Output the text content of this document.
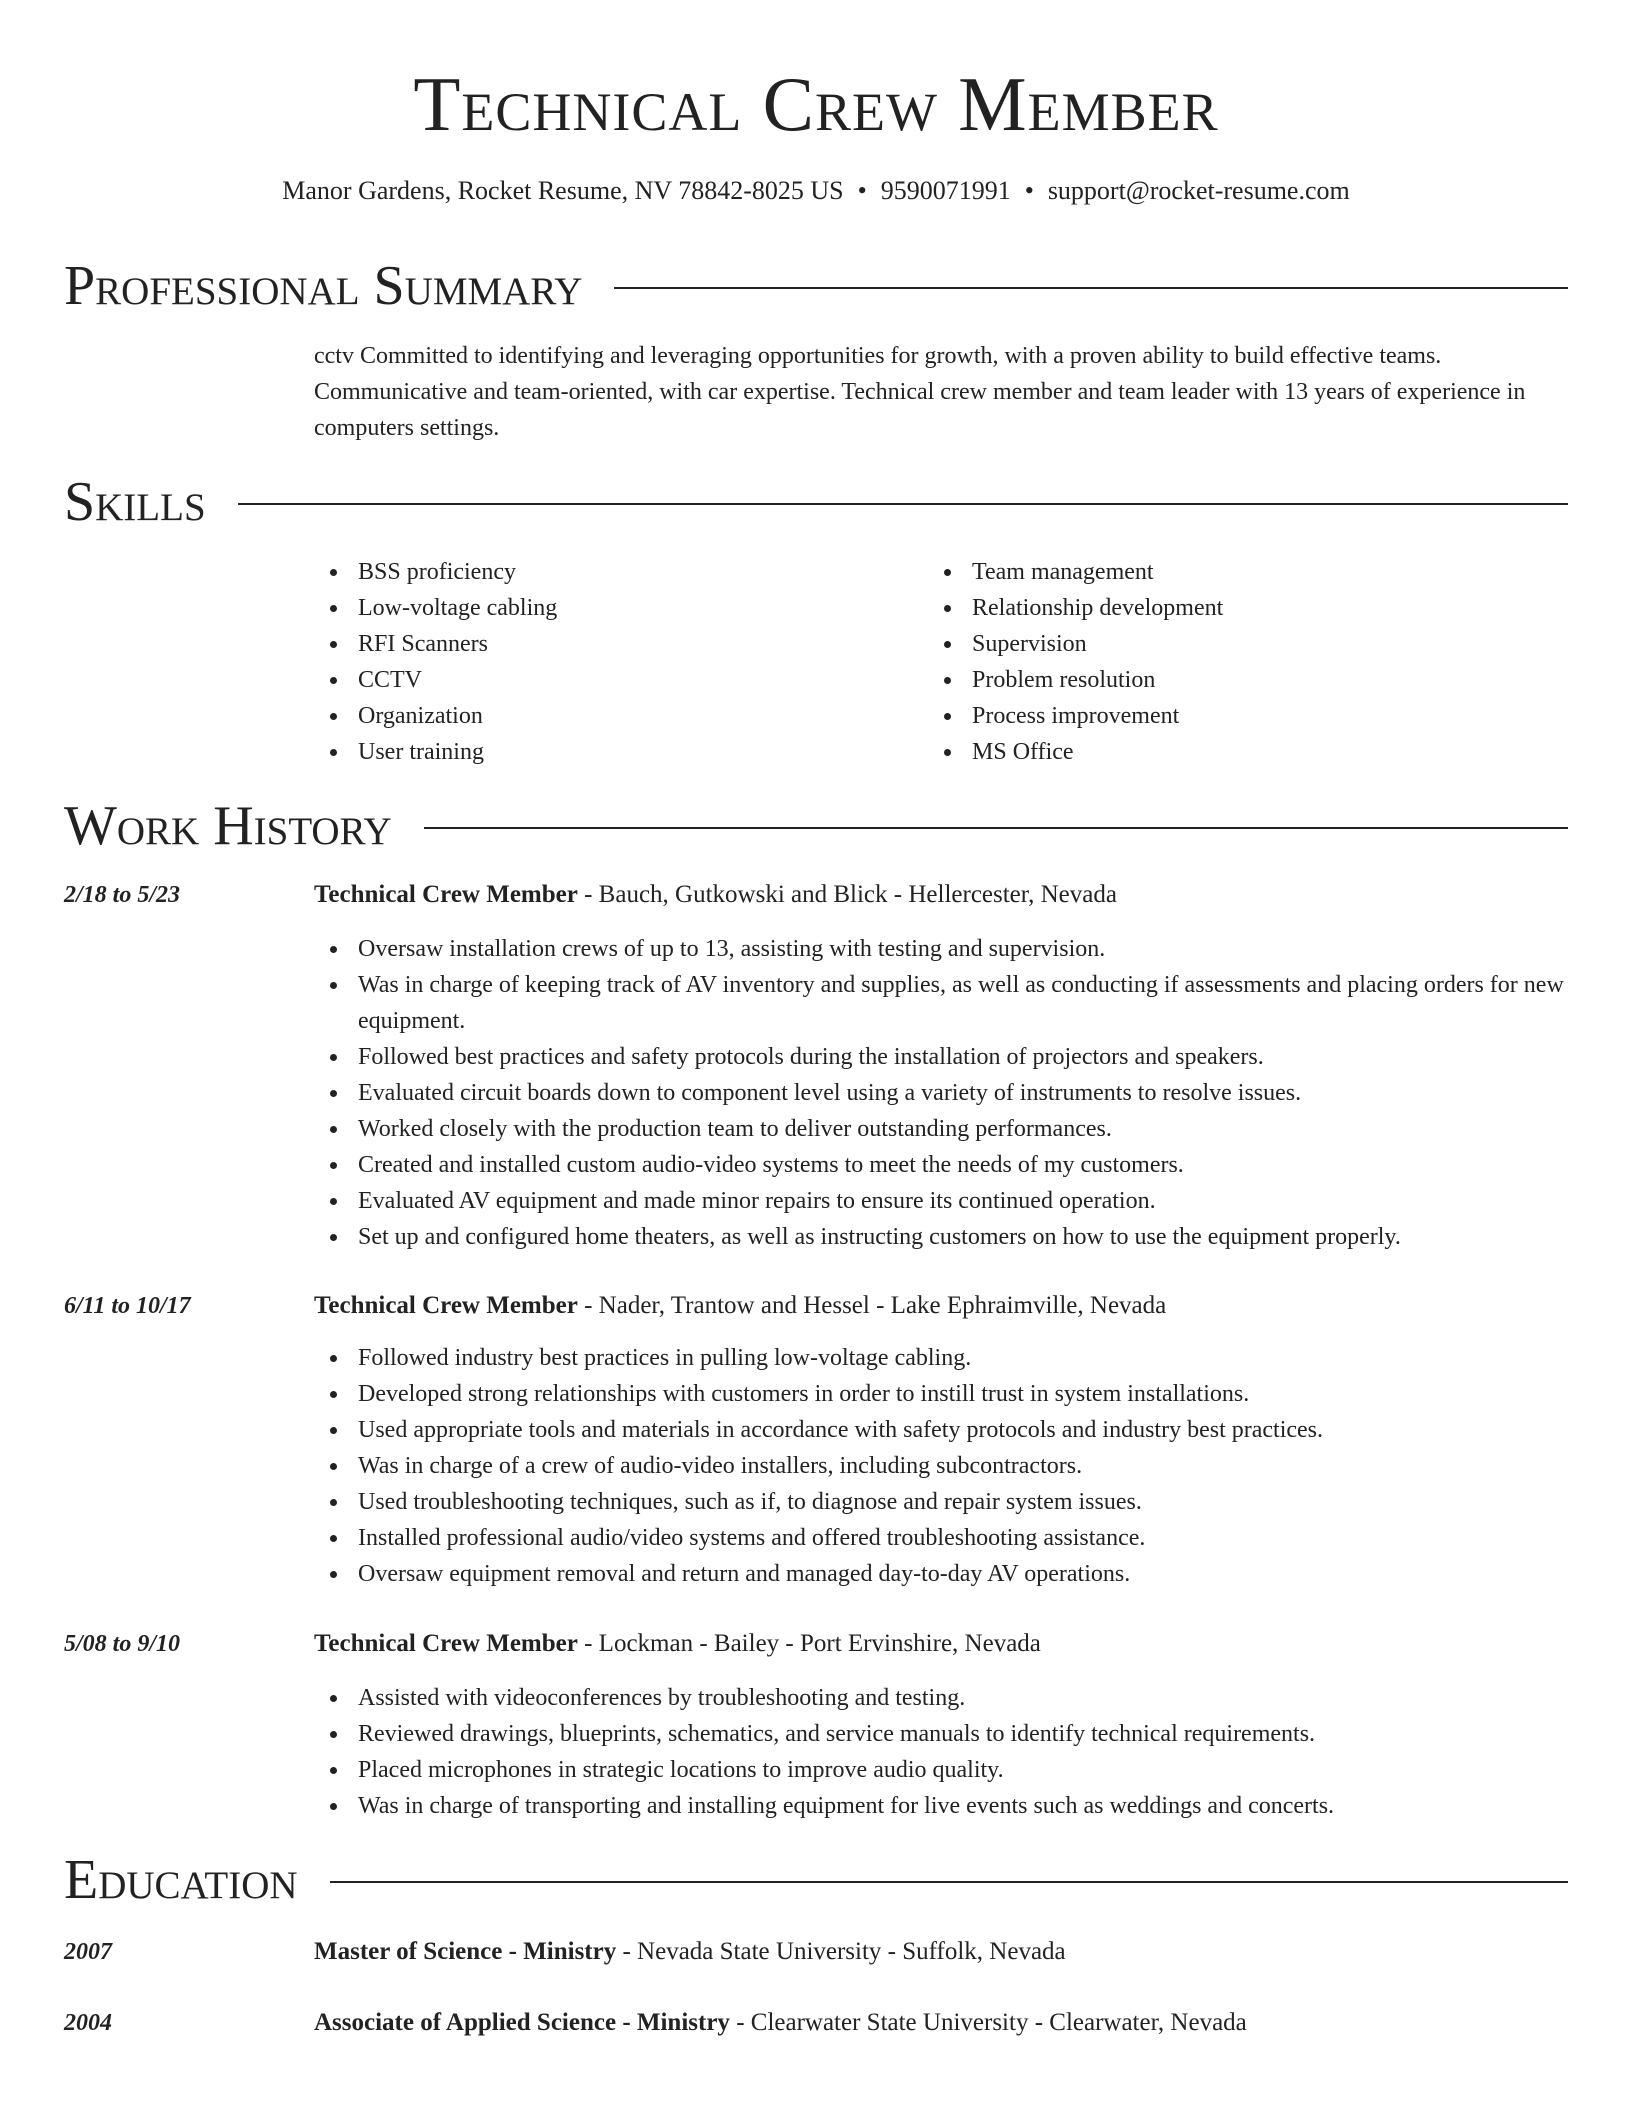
Technical Crew Member
Manor Gardens, Rocket Resume, NV 78842-8025 US • 9590071991 • support@rocket-resume.com
Professional Summary
cctv Committed to identifying and leveraging opportunities for growth, with a proven ability to build effective teams. Communicative and team-oriented, with car expertise. Technical crew member and team leader with 13 years of experience in computers settings.
Skills
BSS proficiency
Low-voltage cabling
RFI Scanners
CCTV
Organization
User training
Team management
Relationship development
Supervision
Problem resolution
Process improvement
MS Office
Work History
2/18 to 5/23	Technical Crew Member - Bauch, Gutkowski and Blick - Hellercester, Nevada
Oversaw installation crews of up to 13, assisting with testing and supervision.
Was in charge of keeping track of AV inventory and supplies, as well as conducting if assessments and placing orders for new equipment.
Followed best practices and safety protocols during the installation of projectors and speakers.
Evaluated circuit boards down to component level using a variety of instruments to resolve issues.
Worked closely with the production team to deliver outstanding performances.
Created and installed custom audio-video systems to meet the needs of my customers.
Evaluated AV equipment and made minor repairs to ensure its continued operation.
Set up and configured home theaters, as well as instructing customers on how to use the equipment properly.
6/11 to 10/17	Technical Crew Member - Nader, Trantow and Hessel - Lake Ephraimville, Nevada
Followed industry best practices in pulling low-voltage cabling.
Developed strong relationships with customers in order to instill trust in system installations.
Used appropriate tools and materials in accordance with safety protocols and industry best practices.
Was in charge of a crew of audio-video installers, including subcontractors.
Used troubleshooting techniques, such as if, to diagnose and repair system issues.
Installed professional audio/video systems and offered troubleshooting assistance.
Oversaw equipment removal and return and managed day-to-day AV operations.
5/08 to 9/10	Technical Crew Member - Lockman - Bailey - Port Ervinshire, Nevada
Assisted with videoconferences by troubleshooting and testing.
Reviewed drawings, blueprints, schematics, and service manuals to identify technical requirements.
Placed microphones in strategic locations to improve audio quality.
Was in charge of transporting and installing equipment for live events such as weddings and concerts.
Education
2007	Master of Science - Ministry - Nevada State University - Suffolk, Nevada
2004	Associate of Applied Science - Ministry - Clearwater State University - Clearwater, Nevada
